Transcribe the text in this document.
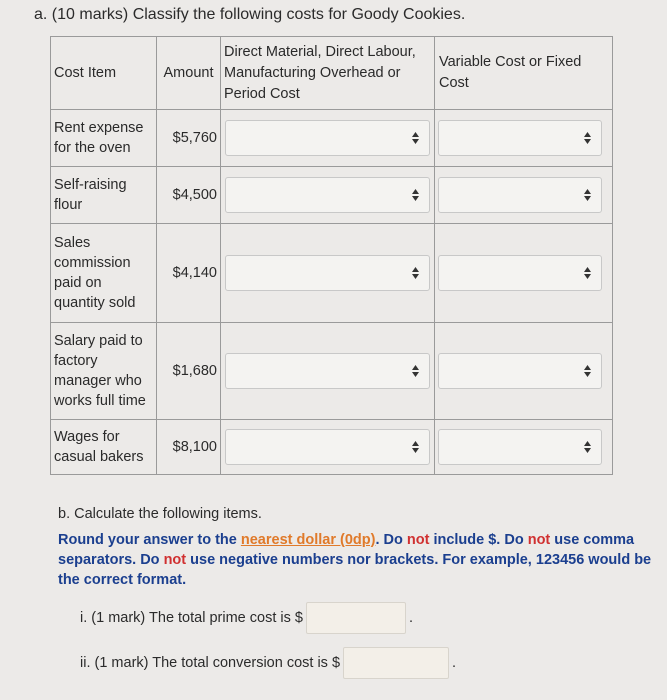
a. (10 marks) Classify the following costs for Goody Cookies.
Cost Item	Amount	Direct Material, Direct Labour, Manufacturing Overhead or Period Cost	Variable Cost or Fixed Cost
Rent expense for the oven	$5,760	

Self-raising flour	$4,500	

Sales commission paid on quantity sold	$4,140	

Salary paid to factory manager who works full time	$1,680	

Wages for casual bakers	$8,100	

b. Calculate the following items.
Round your answer to the nearest dollar (0dp). Do not include $. Do not use comma separators. Do not use negative numbers nor brackets. For example, 123456 would be the correct format.
i. (1 mark) The total prime cost is $	.
ii. (1 mark) The total conversion cost is $	.
